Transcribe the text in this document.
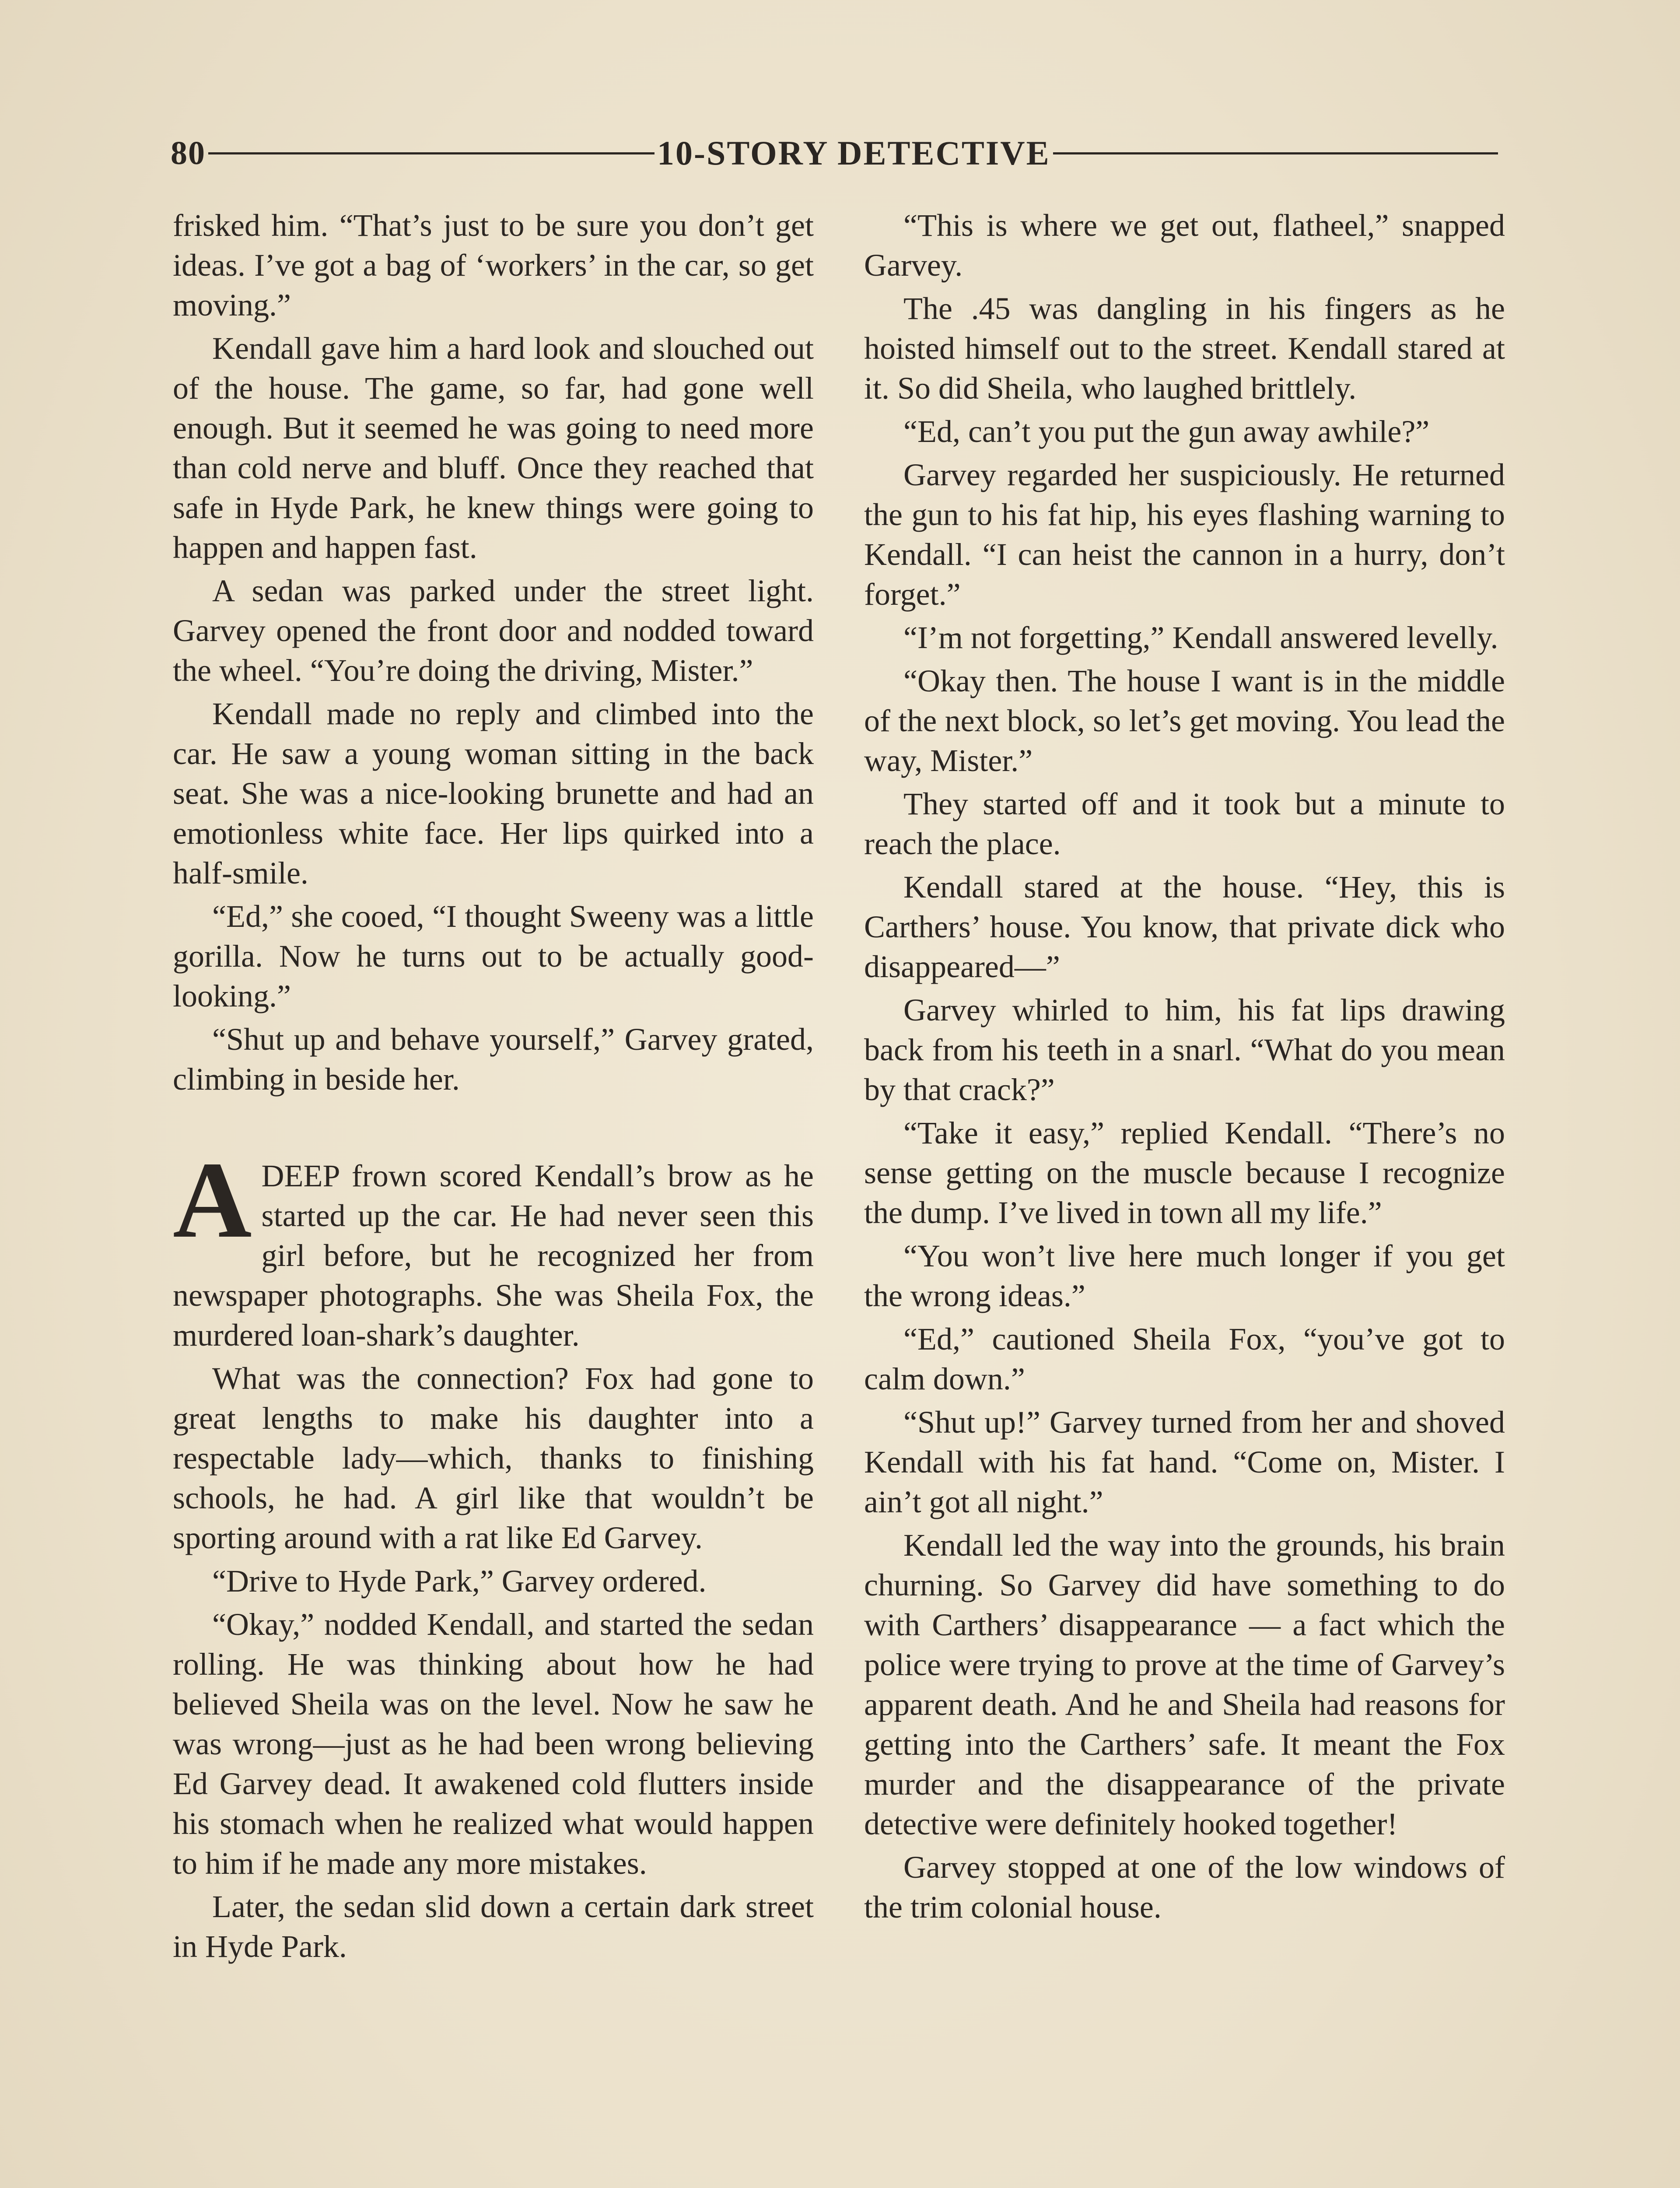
80	10-STORY DETECTIVE

frisked him. “That’s just to be sure you don’t get ideas. I’ve got a bag of ‘workers’ in the car, so get moving.”

Kendall gave him a hard look and slouched out of the house. The game, so far, had gone well enough. But it seemed he was going to need more than cold nerve and bluff. Once they reached that safe in Hyde Park, he knew things were going to happen and happen fast.

A sedan was parked under the street light. Garvey opened the front door and nodded toward the wheel. “You’re doing the driving, Mister.”

Kendall made no reply and climbed into the car. He saw a young woman sitting in the back seat. She was a nice-looking brunette and had an emotionless white face. Her lips quirked into a half-smile.

“Ed,” she cooed, “I thought Sweeny was a little gorilla. Now he turns out to be actually good-looking.”

“Shut up and behave yourself,” Garvey grated, climbing in beside her.

ADEEP frown scored Kendall’s brow as he started up the car. He had never seen this girl before, but he recognized her from newspaper photographs. She was Sheila Fox, the murdered loan-shark’s daughter.

What was the connection? Fox had gone to great lengths to make his daughter into a respectable lady—which, thanks to finishing schools, he had. A girl like that wouldn’t be sporting around with a rat like Ed Garvey.

“Drive to Hyde Park,” Garvey ordered.

“Okay,” nodded Kendall, and started the sedan rolling. He was thinking about how he had believed Sheila was on the level. Now he saw he was wrong—just as he had been wrong believing Ed Garvey dead. It awakened cold flutters inside his stomach when he realized what would happen to him if he made any more mistakes.

Later, the sedan slid down a certain dark street in Hyde Park.

“This is where we get out, flatheel,” snapped Garvey.

The .45 was dangling in his fingers as he hoisted himself out to the street. Kendall stared at it. So did Sheila, who laughed brittlely.

“Ed, can’t you put the gun away awhile?”

Garvey regarded her suspiciously. He returned the gun to his fat hip, his eyes flashing warning to Kendall. “I can heist the cannon in a hurry, don’t forget.”

“I’m not forgetting,” Kendall answered levelly.

“Okay then. The house I want is in the middle of the next block, so let’s get moving. You lead the way, Mister.”

They started off and it took but a minute to reach the place.

Kendall stared at the house. “Hey, this is Carthers’ house. You know, that private dick who disappeared—”

Garvey whirled to him, his fat lips drawing back from his teeth in a snarl. “What do you mean by that crack?”

“Take it easy,” replied Kendall. “There’s no sense getting on the muscle because I recognize the dump. I’ve lived in town all my life.”

“You won’t live here much longer if you get the wrong ideas.”

“Ed,” cautioned Sheila Fox, “you’ve got to calm down.”

“Shut up!” Garvey turned from her and shoved Kendall with his fat hand. “Come on, Mister. I ain’t got all night.”

Kendall led the way into the grounds, his brain churning. So Garvey did have something to do with Carthers’ disappearance — a fact which the police were trying to prove at the time of Garvey’s apparent death. And he and Sheila had reasons for getting into the Carthers’ safe. It meant the Fox murder and the disappearance of the private detective were definitely hooked together!

Garvey stopped at one of the low windows of the trim colonial house.
